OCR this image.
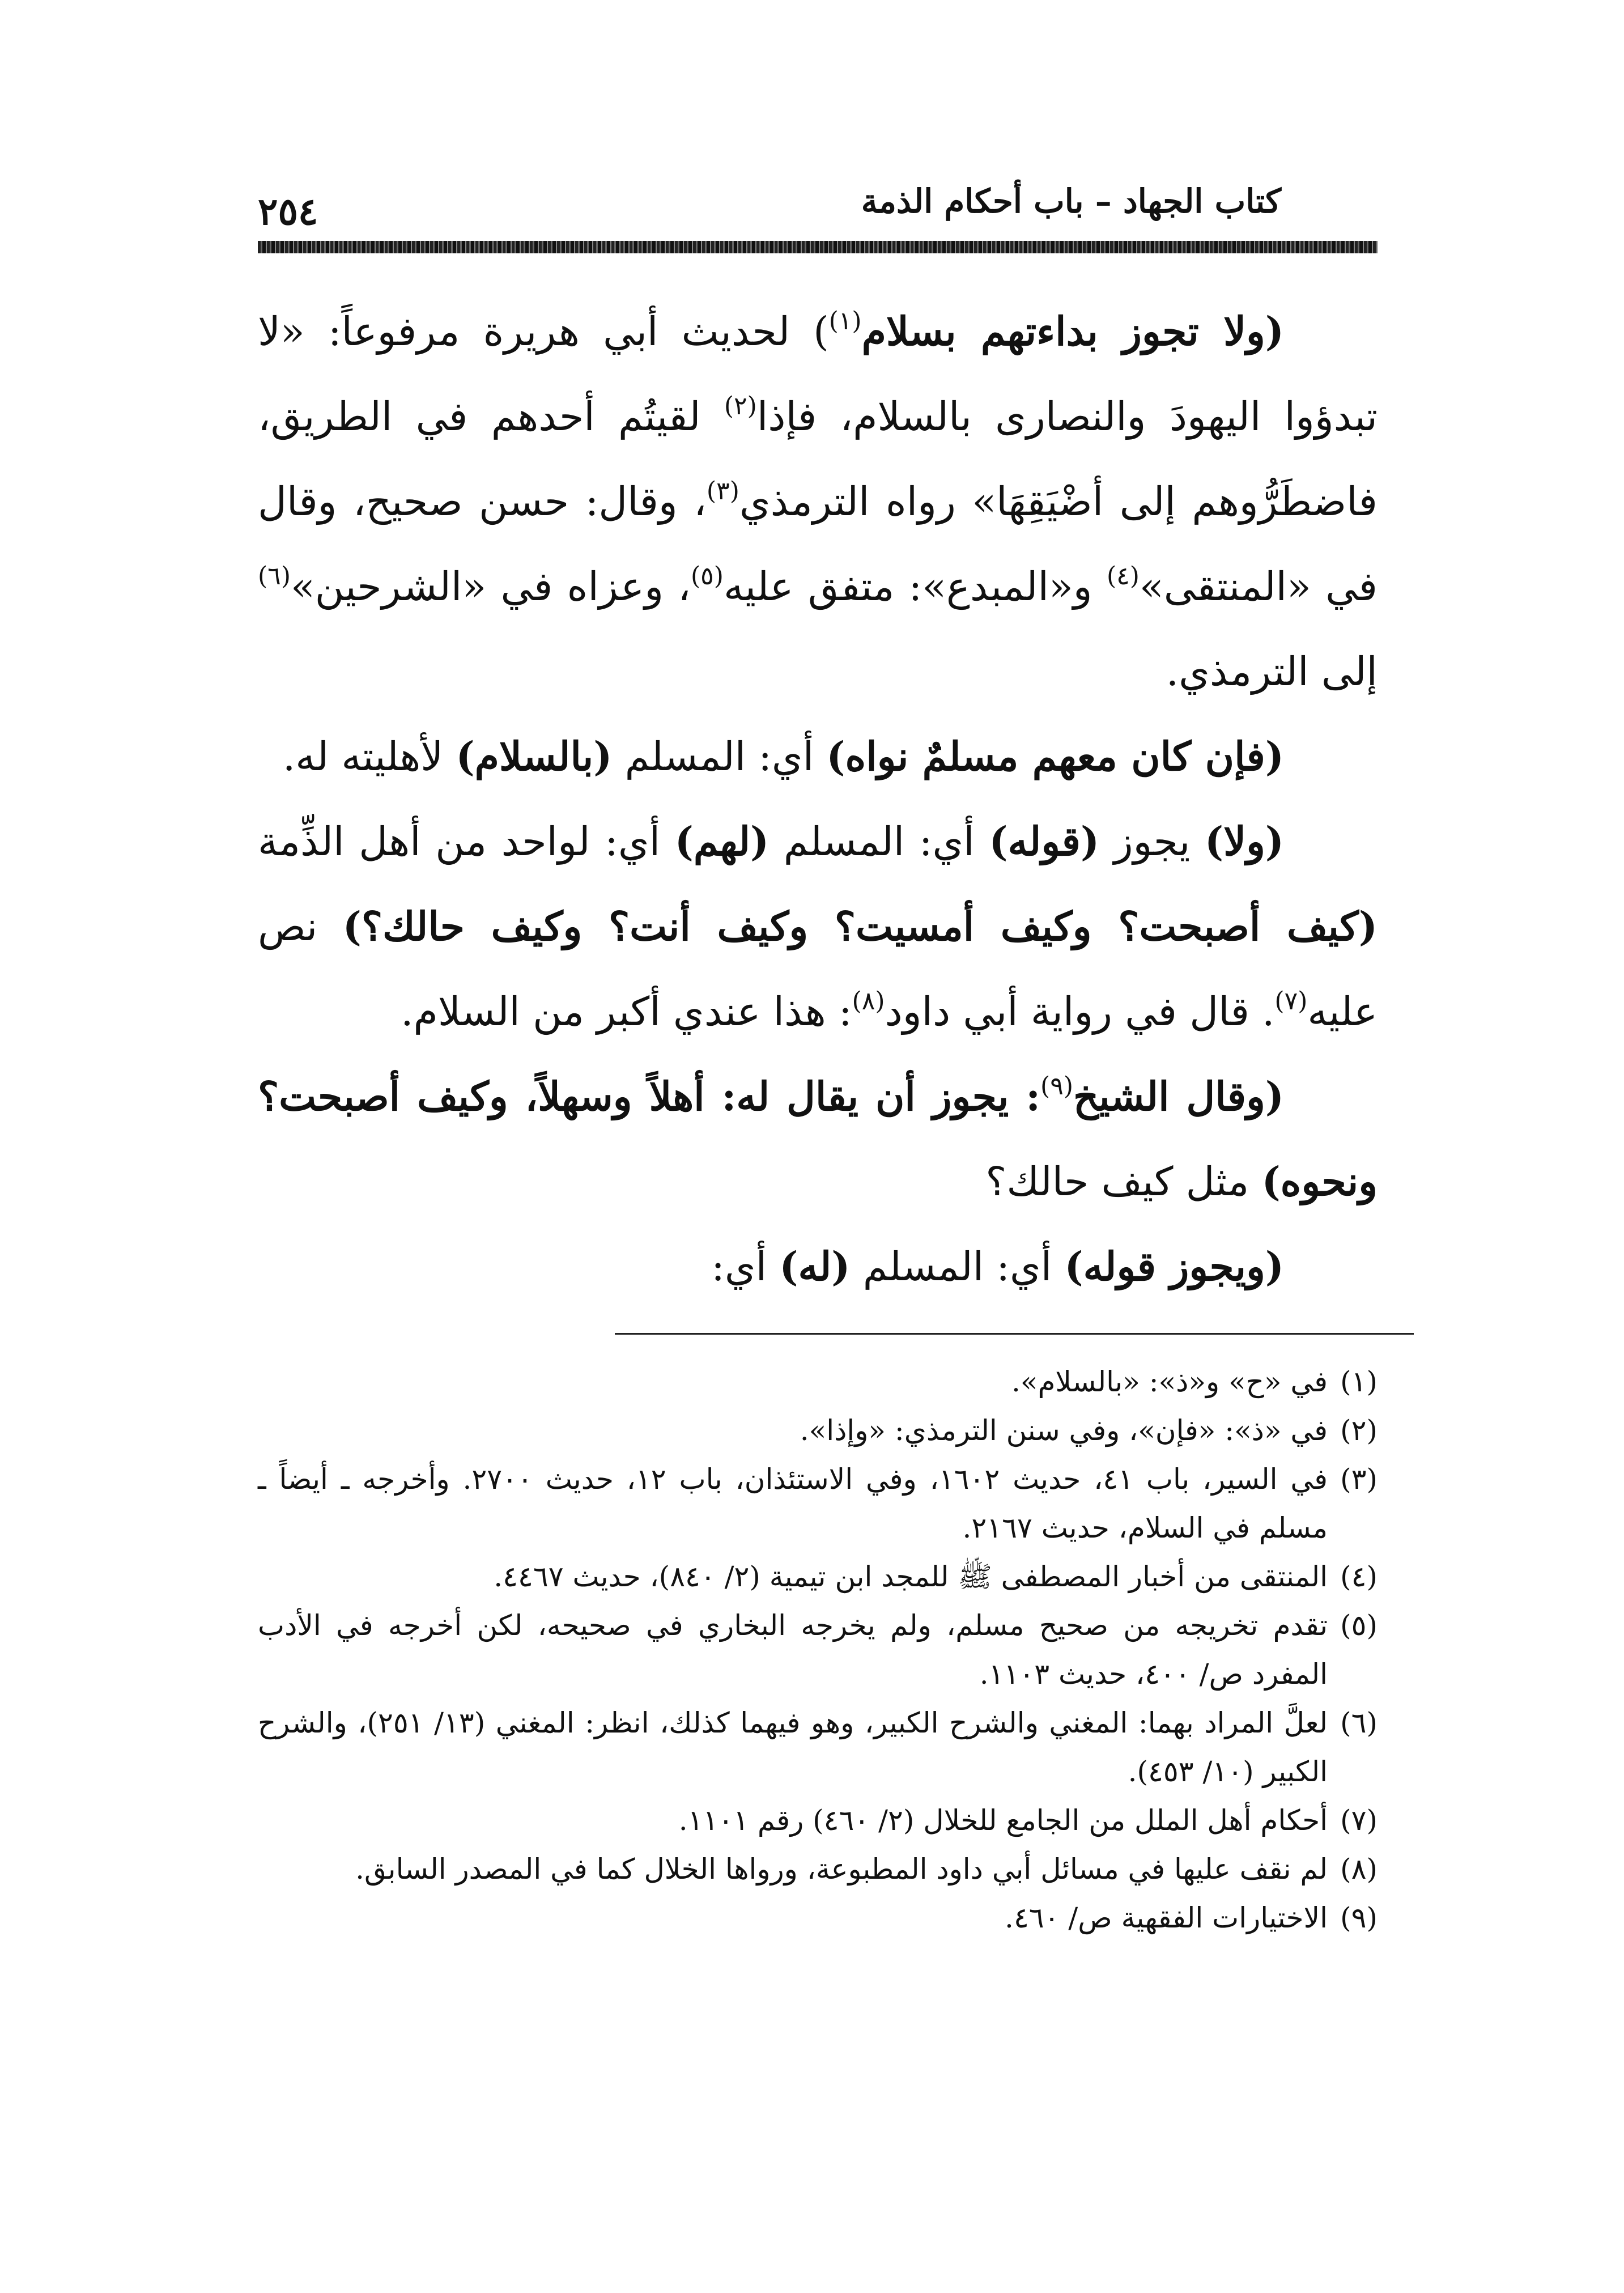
كتاب الجهاد – باب أحكام الذمة
٢٥٤

(ولا تجوز بداءتهم بسلام$^{(١)}$) لحديث أبي هريرة مرفوعاً: «لا تبدؤوا اليهودَ والنصارى بالسلام، فإذا$^{(٢)}$ لقيتُم أحدهم في الطريق، فاضطَرُّوهم إلى أضْيَقِهَا» رواه الترمذي$^{(٣)}$، وقال: حسن صحيح، وقال في «المنتقى»$^{(٤)}$ و«المبدع»: متفق عليه$^{(٥)}$، وعزاه في «الشرحين»$^{(٦)}$ إلى الترمذي.

(فإن كان معهم مسلمٌ نواه) أي: المسلم (بالسلام) لأهليته له.

(ولا) يجوز (قوله) أي: المسلم (لهم) أي: لواحد من أهل الذِّمة (كيف أصبحت؟ وكيف أمسيت؟ وكيف أنت؟ وكيف حالك؟) نص عليه$^{(٧)}$. قال في رواية أبي داود$^{(٨)}$: هذا عندي أكبر من السلام.

(وقال الشيخ$^{(٩)}$: يجوز أن يقال له: أهلاً وسهلاً، وكيف أصبحت؟ ونحوه) مثل كيف حالك؟

(ويجوز قوله) أي: المسلم (له) أي:

(١)
في «ح» و«ذ»: «بالسلام».
(٢)
في «ذ»: «فإن»، وفي سنن الترمذي: «وإذا».
(٣)
في السير، باب ٤١، حديث ١٦٠٢، وفي الاستئذان، باب ١٢، حديث ٢٧٠٠. وأخرجه ـ أيضاً ـ مسلم في السلام، حديث ٢١٦٧.
(٤)
المنتقى من أخبار المصطفى ﷺ للمجد ابن تيمية (٢/ ٨٤٠)، حديث ٤٤٦٧.
(٥)
تقدم تخريجه من صحيح مسلم، ولم يخرجه البخاري في صحيحه، لكن أخرجه في الأدب المفرد ص/ ٤٠٠، حديث ١١٠٣.
(٦)
لعلَّ المراد بهما: المغني والشرح الكبير، وهو فيهما كذلك، انظر: المغني (١٣/ ٢٥١)، والشرح الكبير (١٠/ ٤٥٣).
(٧)
أحكام أهل الملل من الجامع للخلال (٢/ ٤٦٠) رقم ١١٠١.
(٨)
لم نقف عليها في مسائل أبي داود المطبوعة، ورواها الخلال كما في المصدر السابق.
(٩)
الاختيارات الفقهية ص/ ٤٦٠.
